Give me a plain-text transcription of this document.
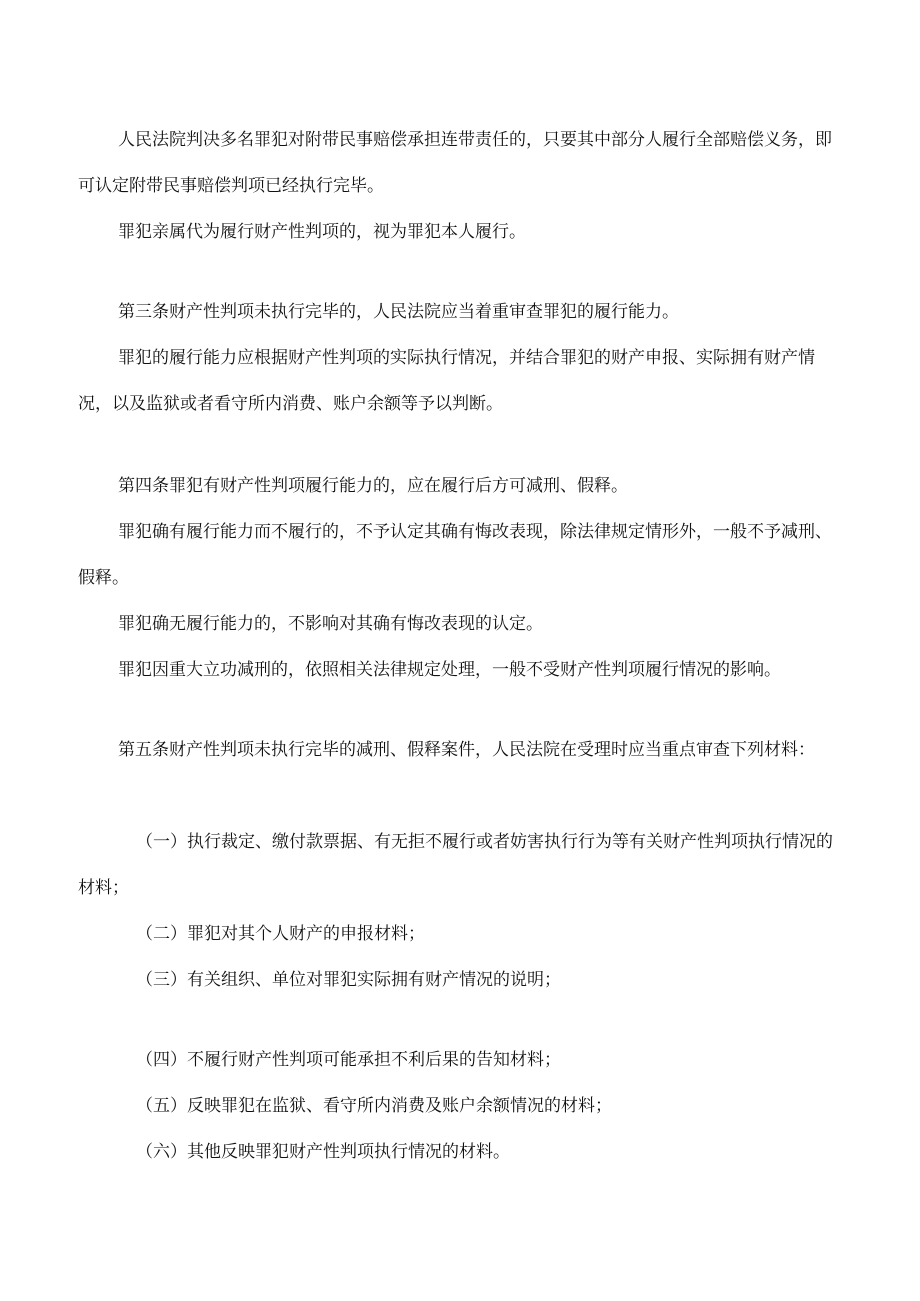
人民法院判决多名罪犯对附带民事赔偿承担连带责任的，只要其中部分人履行全部赔偿义务，即可认定附带民事赔偿判项已经执行完毕。

罪犯亲属代为履行财产性判项的，视为罪犯本人履行。

第三条财产性判项未执行完毕的，人民法院应当着重审查罪犯的履行能力。

罪犯的履行能力应根据财产性判项的实际执行情况，并结合罪犯的财产申报、实际拥有财产情况，以及监狱或者看守所内消费、账户余额等予以判断。

第四条罪犯有财产性判项履行能力的，应在履行后方可减刑、假释。

罪犯确有履行能力而不履行的，不予认定其确有悔改表现，除法律规定情形外，一般不予减刑、假释。

罪犯确无履行能力的，不影响对其确有悔改表现的认定。

罪犯因重大立功减刑的，依照相关法律规定处理，一般不受财产性判项履行情况的影响。

第五条财产性判项未执行完毕的减刑、假释案件，人民法院在受理时应当重点审查下列材料：

（一）执行裁定、缴付款票据、有无拒不履行或者妨害执行行为等有关财产性判项执行情况的材料；

（二）罪犯对其个人财产的申报材料；

（三）有关组织、单位对罪犯实际拥有财产情况的说明；

（四）不履行财产性判项可能承担不利后果的告知材料；

（五）反映罪犯在监狱、看守所内消费及账户余额情况的材料；

（六）其他反映罪犯财产性判项执行情况的材料。
